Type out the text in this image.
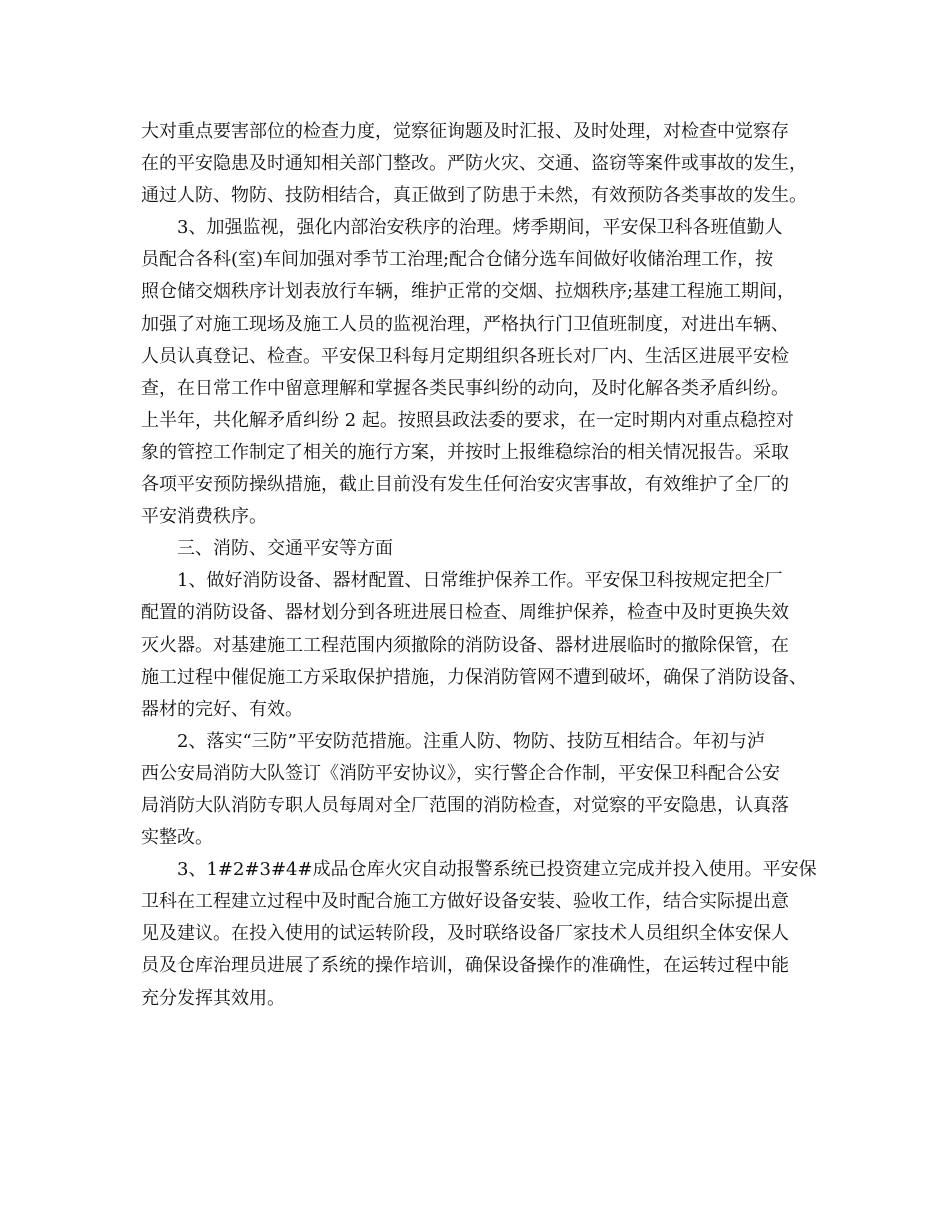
大对重点要害部位的检查力度，觉察征询题及时汇报、及时处理，对检查中觉察存
在的平安隐患及时通知相关部门整改。严防火灾、交通、盗窃等案件或事故的发生，
通过人防、物防、技防相结合，真正做到了防患于未然，有效预防各类事故的发生。
3、加强监视，强化内部治安秩序的治理。烤季期间，平安保卫科各班值勤人
员配合各科(室)车间加强对季节工治理;配合仓储分选车间做好收储治理工作，按
照仓储交烟秩序计划表放行车辆，维护正常的交烟、拉烟秩序;基建工程施工期间，
加强了对施工现场及施工人员的监视治理，严格执行门卫值班制度，对进出车辆、
人员认真登记、检查。平安保卫科每月定期组织各班长对厂内、生活区进展平安检
查，在日常工作中留意理解和掌握各类民事纠纷的动向，及时化解各类矛盾纠纷。
上半年，共化解矛盾纠纷 2 起。按照县政法委的要求，在一定时期内对重点稳控对
象的管控工作制定了相关的施行方案，并按时上报维稳综治的相关情况报告。采取
各项平安预防操纵措施，截止目前没有发生任何治安灾害事故，有效维护了全厂的
平安消费秩序。
三、消防、交通平安等方面
1、做好消防设备、器材配置、日常维护保养工作。平安保卫科按规定把全厂
配置的消防设备、器材划分到各班进展日检查、周维护保养，检查中及时更换失效
灭火器。对基建施工工程范围内须撤除的消防设备、器材进展临时的撤除保管，在
施工过程中催促施工方采取保护措施，力保消防管网不遭到破坏，确保了消防设备、
器材的完好、有效。
2、落实“三防”平安防范措施。注重人防、物防、技防互相结合。年初与泸
西公安局消防大队签订《消防平安协议》，实行警企合作制，平安保卫科配合公安
局消防大队消防专职人员每周对全厂范围的消防检查，对觉察的平安隐患，认真落
实整改。
3、1#2#3#4#成品仓库火灾自动报警系统已投资建立完成并投入使用。平安保
卫科在工程建立过程中及时配合施工方做好设备安装、验收工作，结合实际提出意
见及建议。在投入使用的试运转阶段，及时联络设备厂家技术人员组织全体安保人
员及仓库治理员进展了系统的操作培训，确保设备操作的准确性，在运转过程中能
充分发挥其效用。
